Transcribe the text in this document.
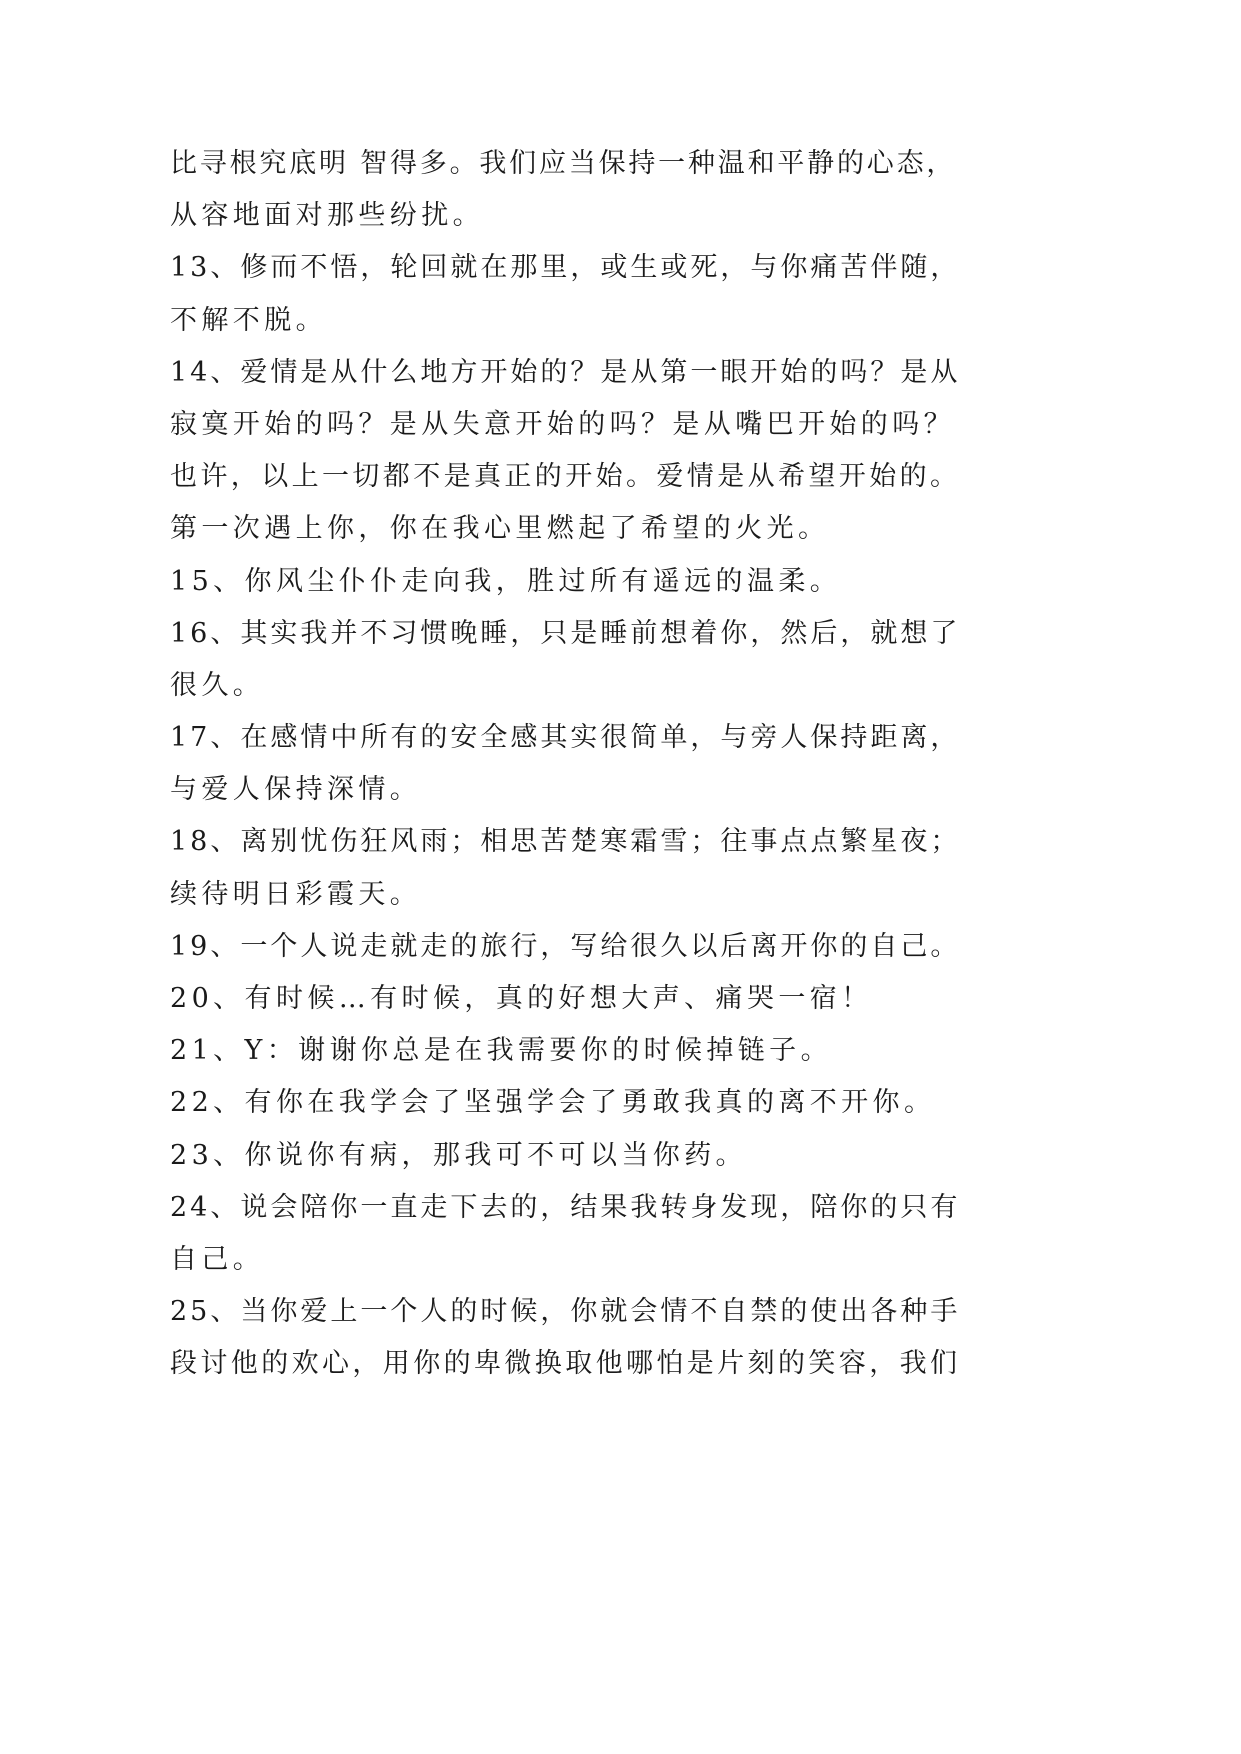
比寻根究底明 智得多。我们应当保持一种温和平静的心态，
从容地面对那些纷扰。
13、修而不悟，轮回就在那里，或生或死，与你痛苦伴随，
不解不脱。
14、爱情是从什么地方开始的？是从第一眼开始的吗？是从
寂寞开始的吗？是从失意开始的吗？是从嘴巴开始的吗？
也许，以上一切都不是真正的开始。爱情是从希望开始的。
第一次遇上你，你在我心里燃起了希望的火光。
15、你风尘仆仆走向我，胜过所有遥远的温柔。
16、其实我并不习惯晚睡，只是睡前想着你，然后，就想了
很久。
17、在感情中所有的安全感其实很简单，与旁人保持距离，
与爱人保持深情。
18、离别忧伤狂风雨；相思苦楚寒霜雪；往事点点繁星夜；
续待明日彩霞天。
19、一个人说走就走的旅行，写给很久以后离开你的自己。
20、有时候…有时候，真的好想大声、痛哭一宿！
21、Y：谢谢你总是在我需要你的时候掉链子。
22、有你在我学会了坚强学会了勇敢我真的离不开你。
23、你说你有病，那我可不可以当你药。
24、说会陪你一直走下去的，结果我转身发现，陪你的只有
自己。
25、当你爱上一个人的时候，你就会情不自禁的使出各种手
段讨他的欢心，用你的卑微换取他哪怕是片刻的笑容，我们
